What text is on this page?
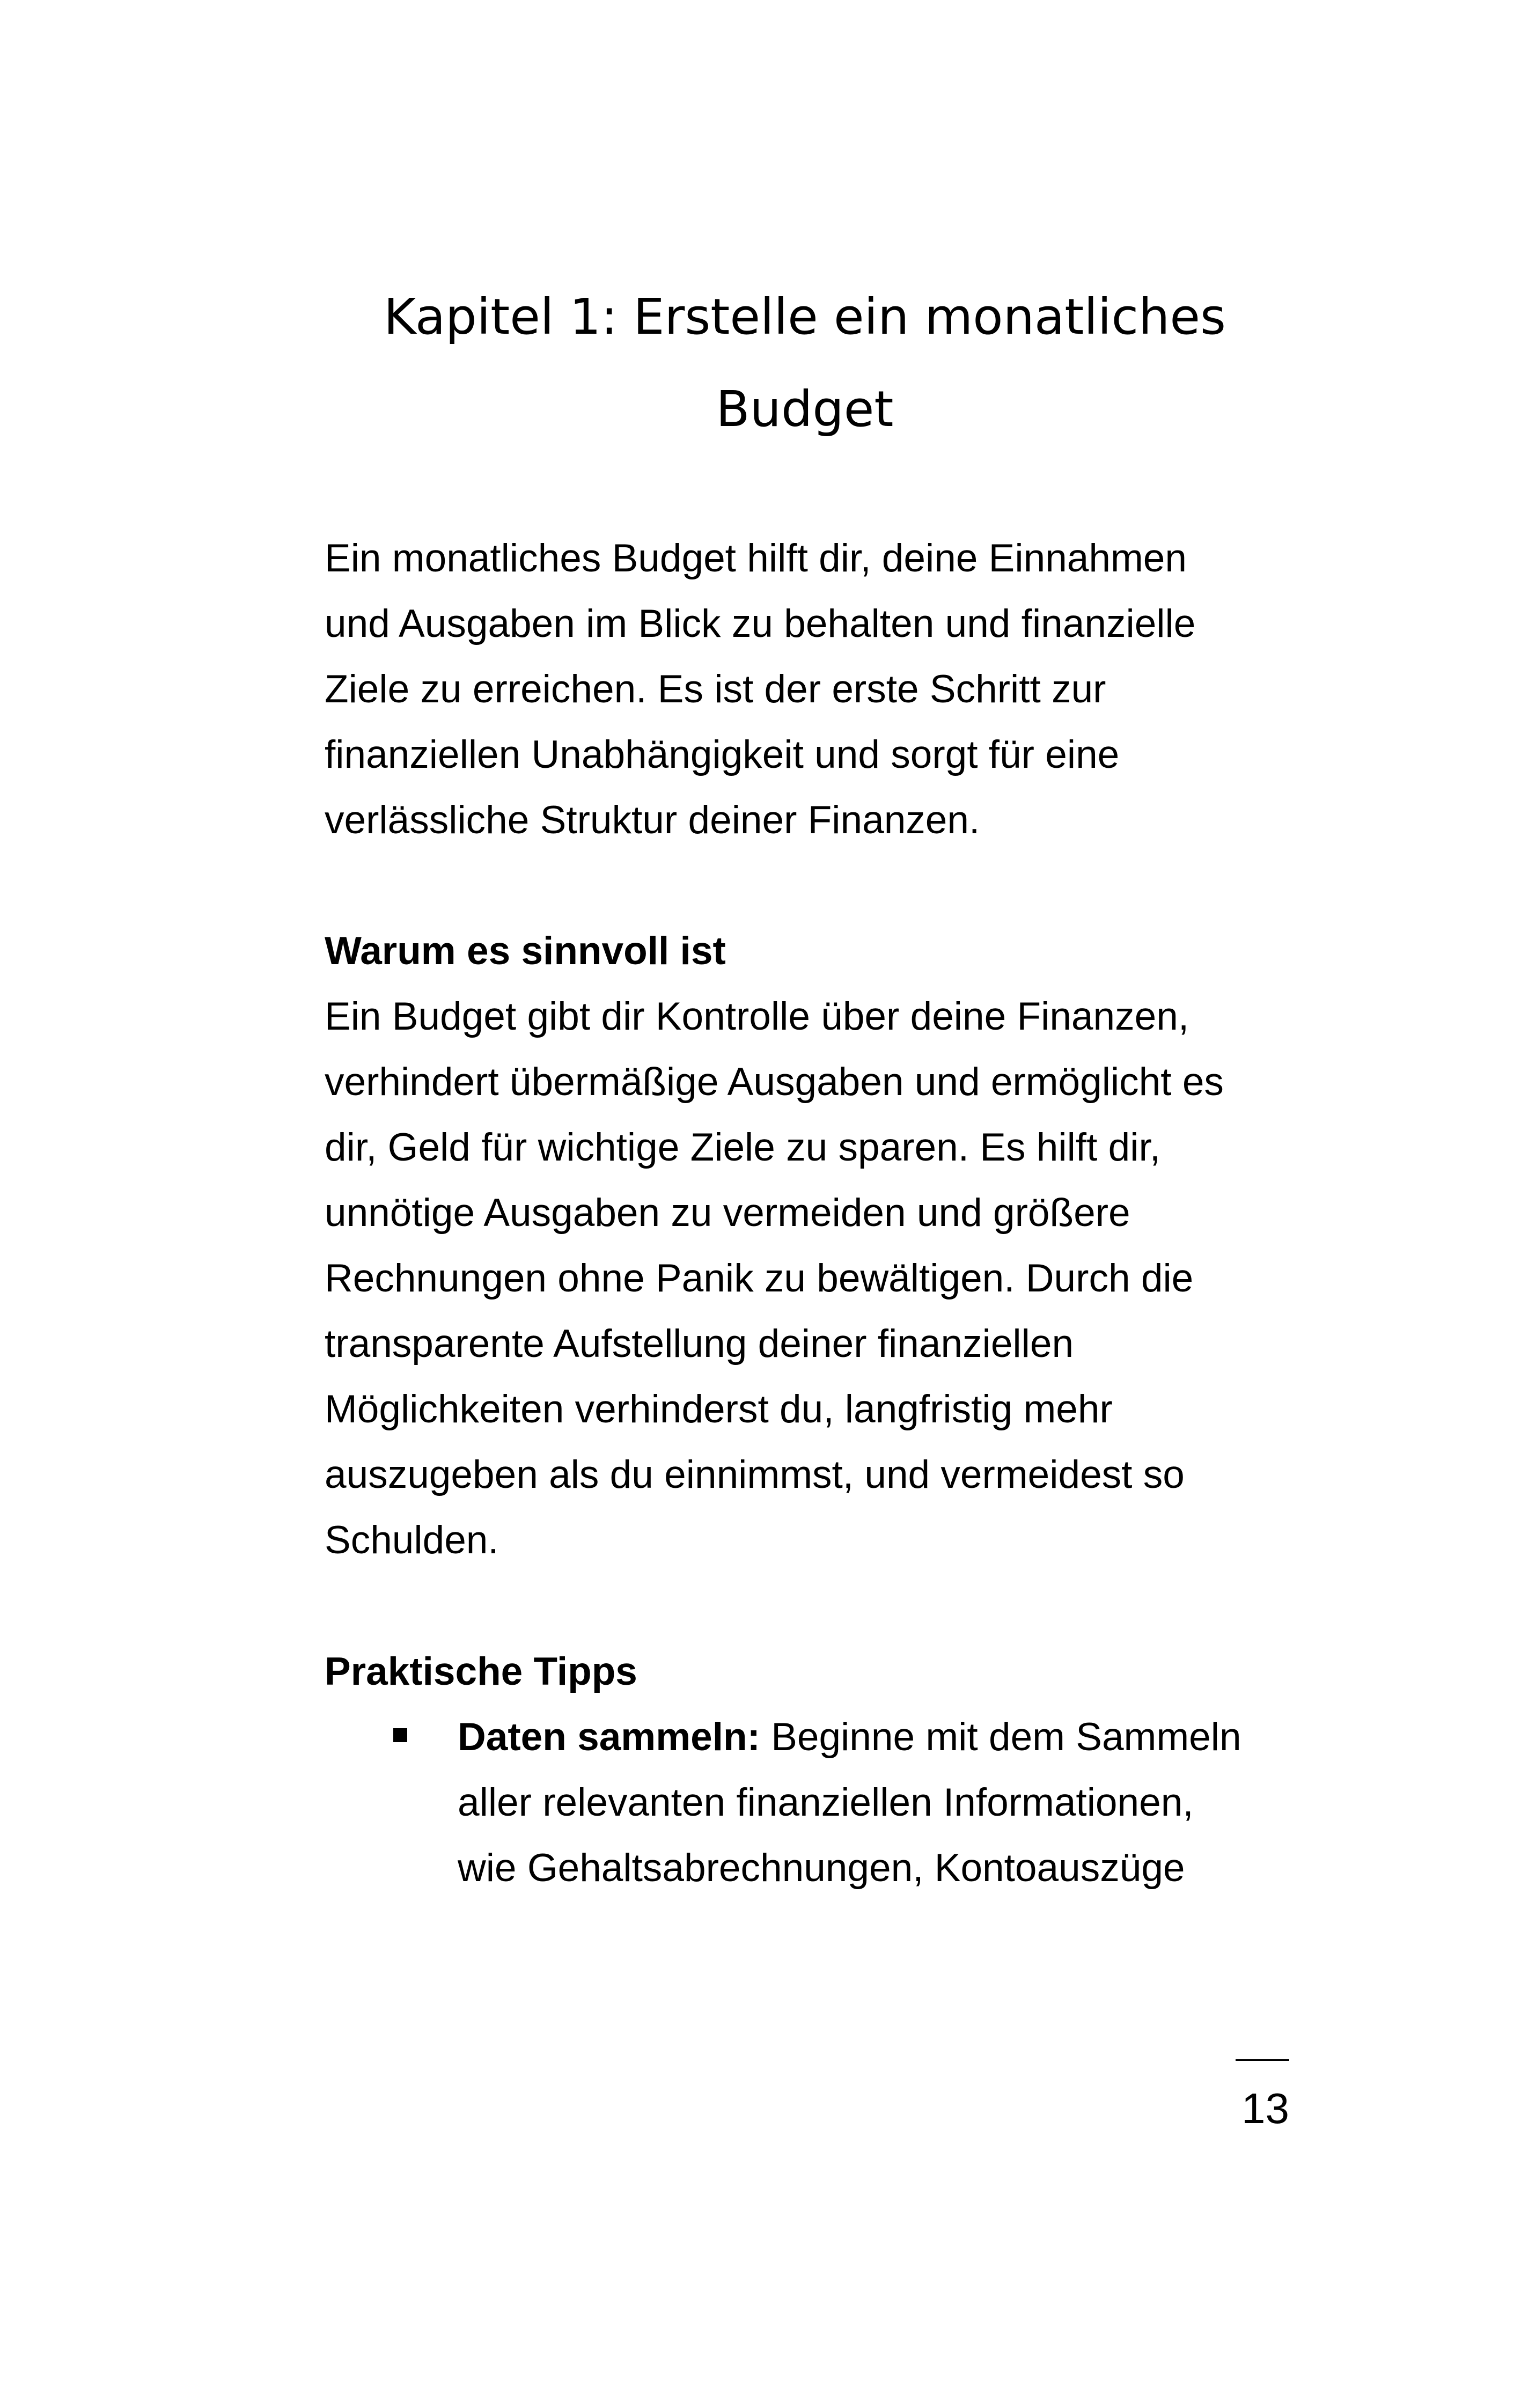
Kapitel 1: Erstelle ein monatliches
Budget

Ein monatliches Budget hilft dir, deine Einnahmen

und Ausgaben im Blick zu behalten und finanzielle

Ziele zu erreichen. Es ist der erste Schritt zur

finanziellen Unabhängigkeit und sorgt für eine

verlässliche Struktur deiner Finanzen.

Warum es sinnvoll ist

Ein Budget gibt dir Kontrolle über deine Finanzen,

verhindert übermäßige Ausgaben und ermöglicht es

dir, Geld für wichtige Ziele zu sparen. Es hilft dir,

unnötige Ausgaben zu vermeiden und größere

Rechnungen ohne Panik zu bewältigen. Durch die

transparente Aufstellung deiner finanziellen

Möglichkeiten verhinderst du, langfristig mehr

auszugeben als du einnimmst, und vermeidest so

Schulden.

Praktische Tipps
Daten sammeln: Beginne mit dem Sammeln
aller relevanten finanziellen Informationen,
wie Gehaltsabrechnungen, Kontoauszüge
13
